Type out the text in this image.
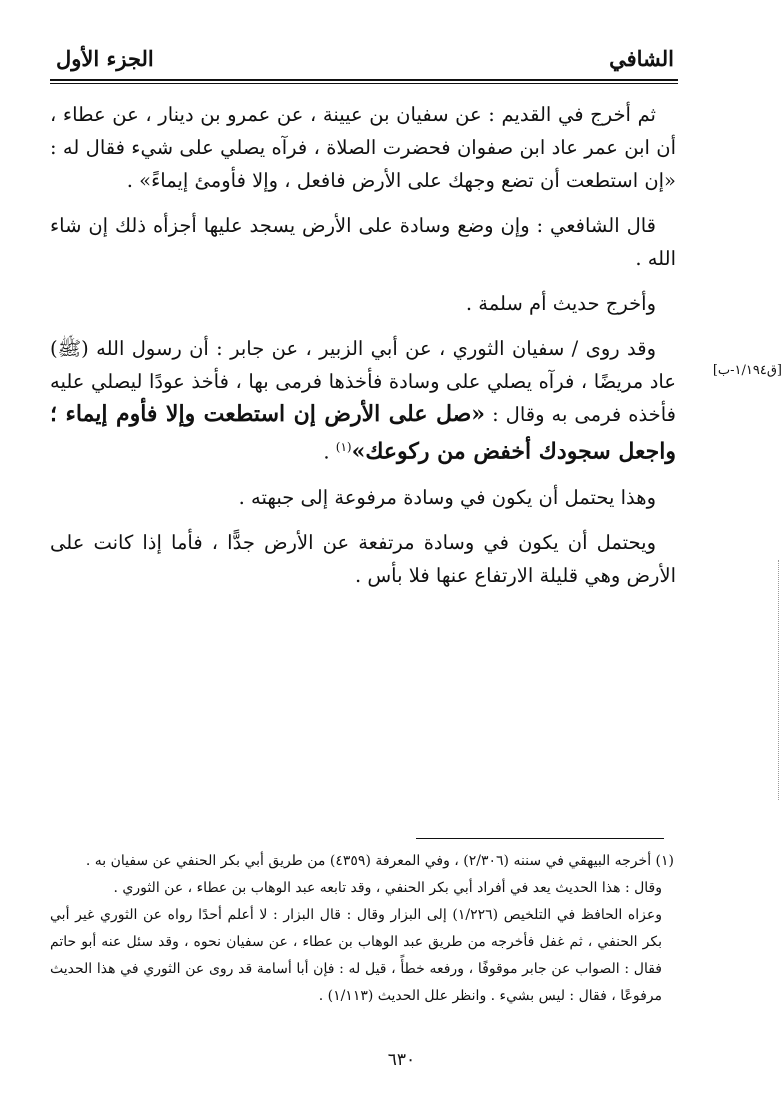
الجزء الأول	الشافي
[ق١/١٩٤-ب]

ثم أخرج في القديم : عن سفيان بن عيينة ، عن عمرو بن دينار ، عن عطاء ، أن ابن عمر عاد ابن صفوان فحضرت الصلاة ، فرآه يصلي على شيء فقال له : «إن استطعت أن تضع وجهك على الأرض فافعل ، وإلا فأومئ إيماءً» .

قال الشافعي : وإن وضع وسادة على الأرض يسجد عليها أجزأه ذلك إن شاء الله .

وأخرج حديث أم سلمة .

وقد روى / سفيان الثوري ، عن أبي الزبير ، عن جابر : أن رسول الله (ﷺ) عاد مريضًا ، فرآه يصلي على وسادة فأخذها فرمى بها ، فأخذ عودًا ليصلي عليه فأخذه فرمى به وقال : «صل على الأرض إن استطعت وإلا فأوم إيماء ؛ واجعل سجودك أخفض من ركوعك»$^{(١)}$ .

وهذا يحتمل أن يكون في وسادة مرفوعة إلى جبهته .

ويحتمل أن يكون في وسادة مرتفعة عن الأرض جدًّا ، فأما إذا كانت على الأرض وهي قليلة الارتفاع عنها فلا بأس .

(١) أخرجه البيهقي في سننه (٢/٣٠٦) ، وفي المعرفة (٤٣٥٩) من طريق أبي بكر الحنفي عن سفيان به .

وقال : هذا الحديث يعد في أفراد أبي بكر الحنفي ، وقد تابعه عبد الوهاب بن عطاء ، عن الثوري .

وعزاه الحافظ في التلخيص (١/٢٢٦) إلى البزار وقال : قال البزار : لا أعلم أحدًا رواه عن الثوري غير أبي بكر الحنفي ، ثم غفل فأخرجه من طريق عبد الوهاب بن عطاء ، عن سفيان نحوه ، وقد سئل عنه أبو حاتم فقال : الصواب عن جابر موقوفًا ، ورفعه خطأً ، قيل له : فإن أبا أسامة قد روى عن الثوري في هذا الحديث مرفوعًا ، فقال : ليس بشيء . وانظر علل الحديث (١/١١٣) .

٦٣٠
